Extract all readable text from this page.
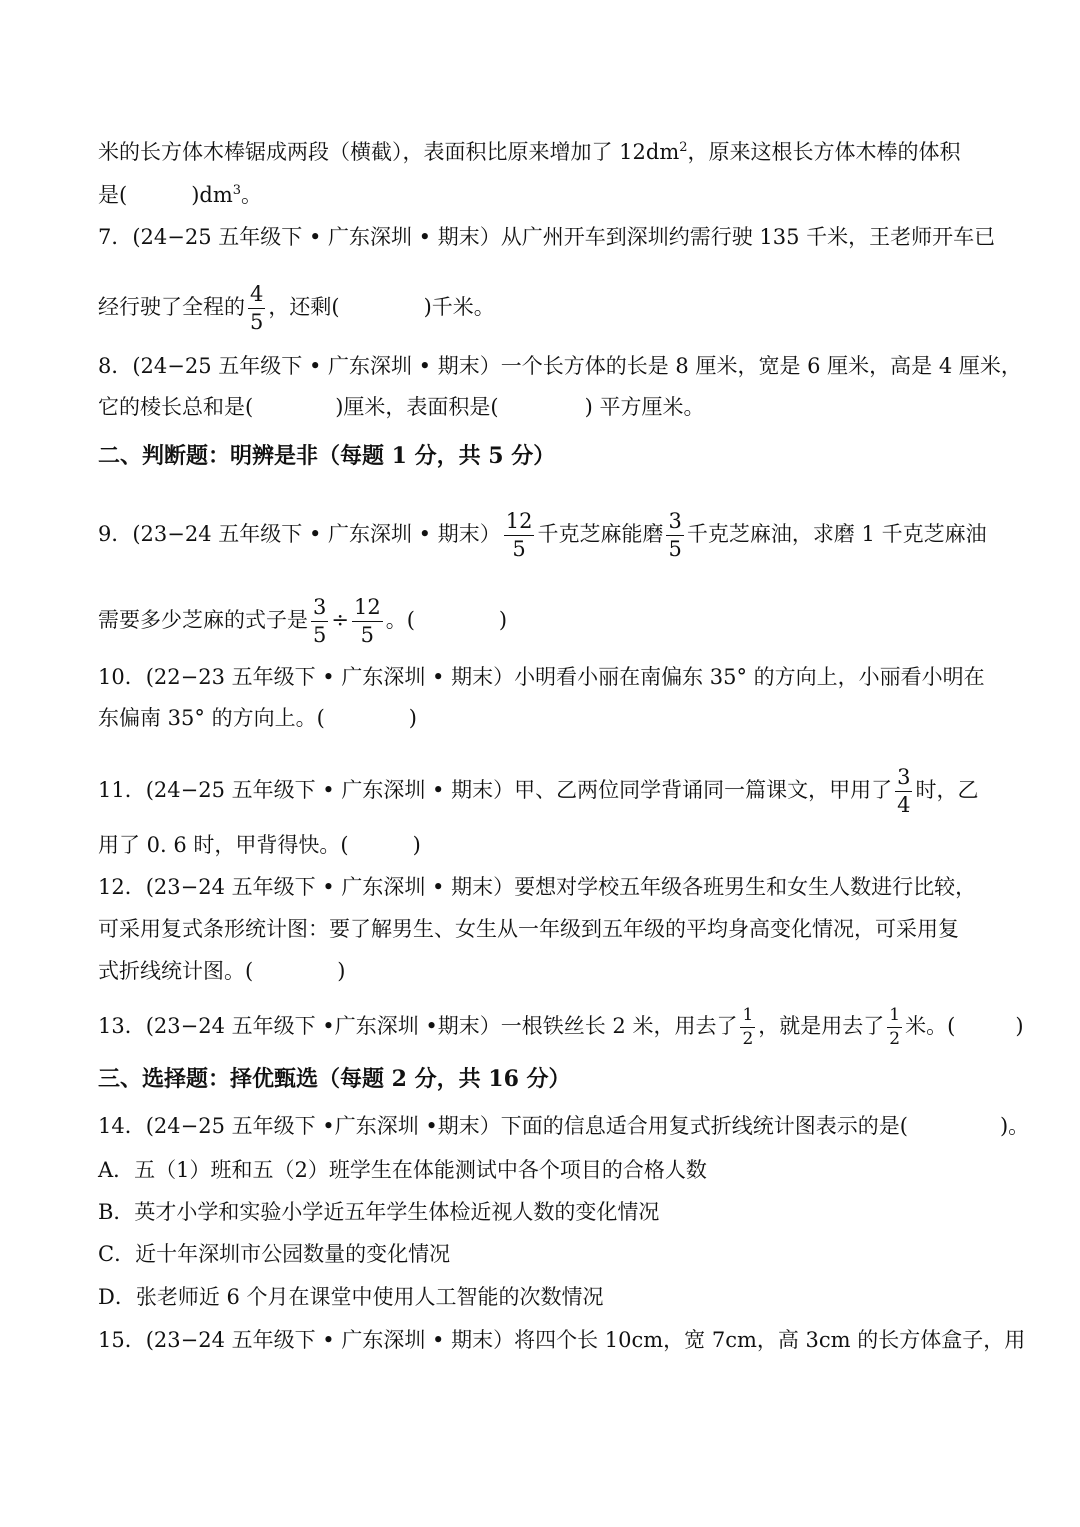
米的长方体木棒锯成两段（横截），表面积比原来增加了 $12dm^2$，原来这根长方体木棒的体积
是(	)$dm^3$。
7．(24−25 五年级下 • 广东深圳 • 期末）从广州开车到深圳约需行驶 135 千米，王老师开车已
经行驶了全程的 $\frac{4}{5}$ ，还剩(	)千米。
8．(24−25 五年级下 • 广东深圳 • 期末）一个长方体的长是 8 厘米，宽是 6 厘米，高是 4 厘米，
它的棱长总和是(	)厘米，表面积是(	) 平方厘米。
二、判断题：明辨是非（每题 1 分，共 5 分）
9．(23−24 五年级下 • 广东深圳 • 期末） $\frac{12}{5}$ 千克芝麻能磨 $\frac{3}{5}$ 千克芝麻油，求磨 1 千克芝麻油
需要多少芝麻的式子是 $\frac{3}{5} \div \frac{12}{5}$ 。(	)
10．(22−23 五年级下 • 广东深圳 • 期末）小明看小丽在南偏东 35° 的方向上，小丽看小明在
东偏南 35° 的方向上。(	)
11．(24−25 五年级下 • 广东深圳 • 期末）甲、乙两位同学背诵同一篇课文，甲用了 $\frac{3}{4}$ 时，乙
用了 0. 6 时，甲背得快。(	)
12．(23−24 五年级下 • 广东深圳 • 期末）要想对学校五年级各班男生和女生人数进行比较，
可采用复式条形统计图：要了解男生、女生从一年级到五年级的平均身高变化情况，可采用复
式折线统计图。(	)
13．(23−24 五年级下 •广东深圳 •期末）一根铁丝长 2 米，用去了 $\frac{1}{2}$ ，就是用去了 $\frac{1}{2}$ 米。(	)
三、选择题：择优甄选（每题 2 分，共 16 分）
14．(24−25 五年级下 •广东深圳 •期末）下面的信息适合用复式折线统计图表示的是(	)。
A．五（1）班和五（2）班学生在体能测试中各个项目的合格人数
B．英才小学和实验小学近五年学生体检近视人数的变化情况
C．近十年深圳市公园数量的变化情况
D．张老师近 6 个月在课堂中使用人工智能的次数情况
15．(23−24 五年级下 • 广东深圳 • 期末）将四个长 10cm，宽 7cm，高 3cm 的长方体盒子，用
